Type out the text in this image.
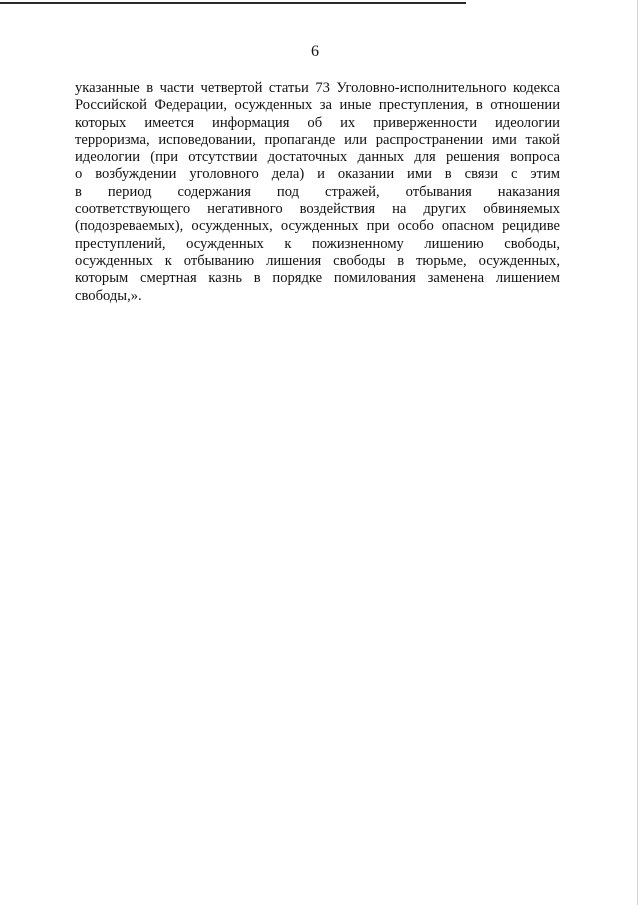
6
указанные в части четвертой статьи 73 Уголовно-исполнительного кодекса
Российской Федерации, осужденных за иные преступления, в отношении
которых имеется информация об их приверженности идеологии
терроризма, исповедовании, пропаганде или распространении ими такой
идеологии (при отсутствии достаточных данных для решения вопроса
о возбуждении уголовного дела) и оказании ими в связи с этим
в период содержания под стражей, отбывания наказания
соответствующего негативного воздействия на других обвиняемых
(подозреваемых), осужденных, осужденных при особо опасном рецидиве
преступлений, осужденных к пожизненному лишению свободы,
осужденных к отбыванию лишения свободы в тюрьме, осужденных,
которым смертная казнь в порядке помилования заменена лишением
свободы,».
